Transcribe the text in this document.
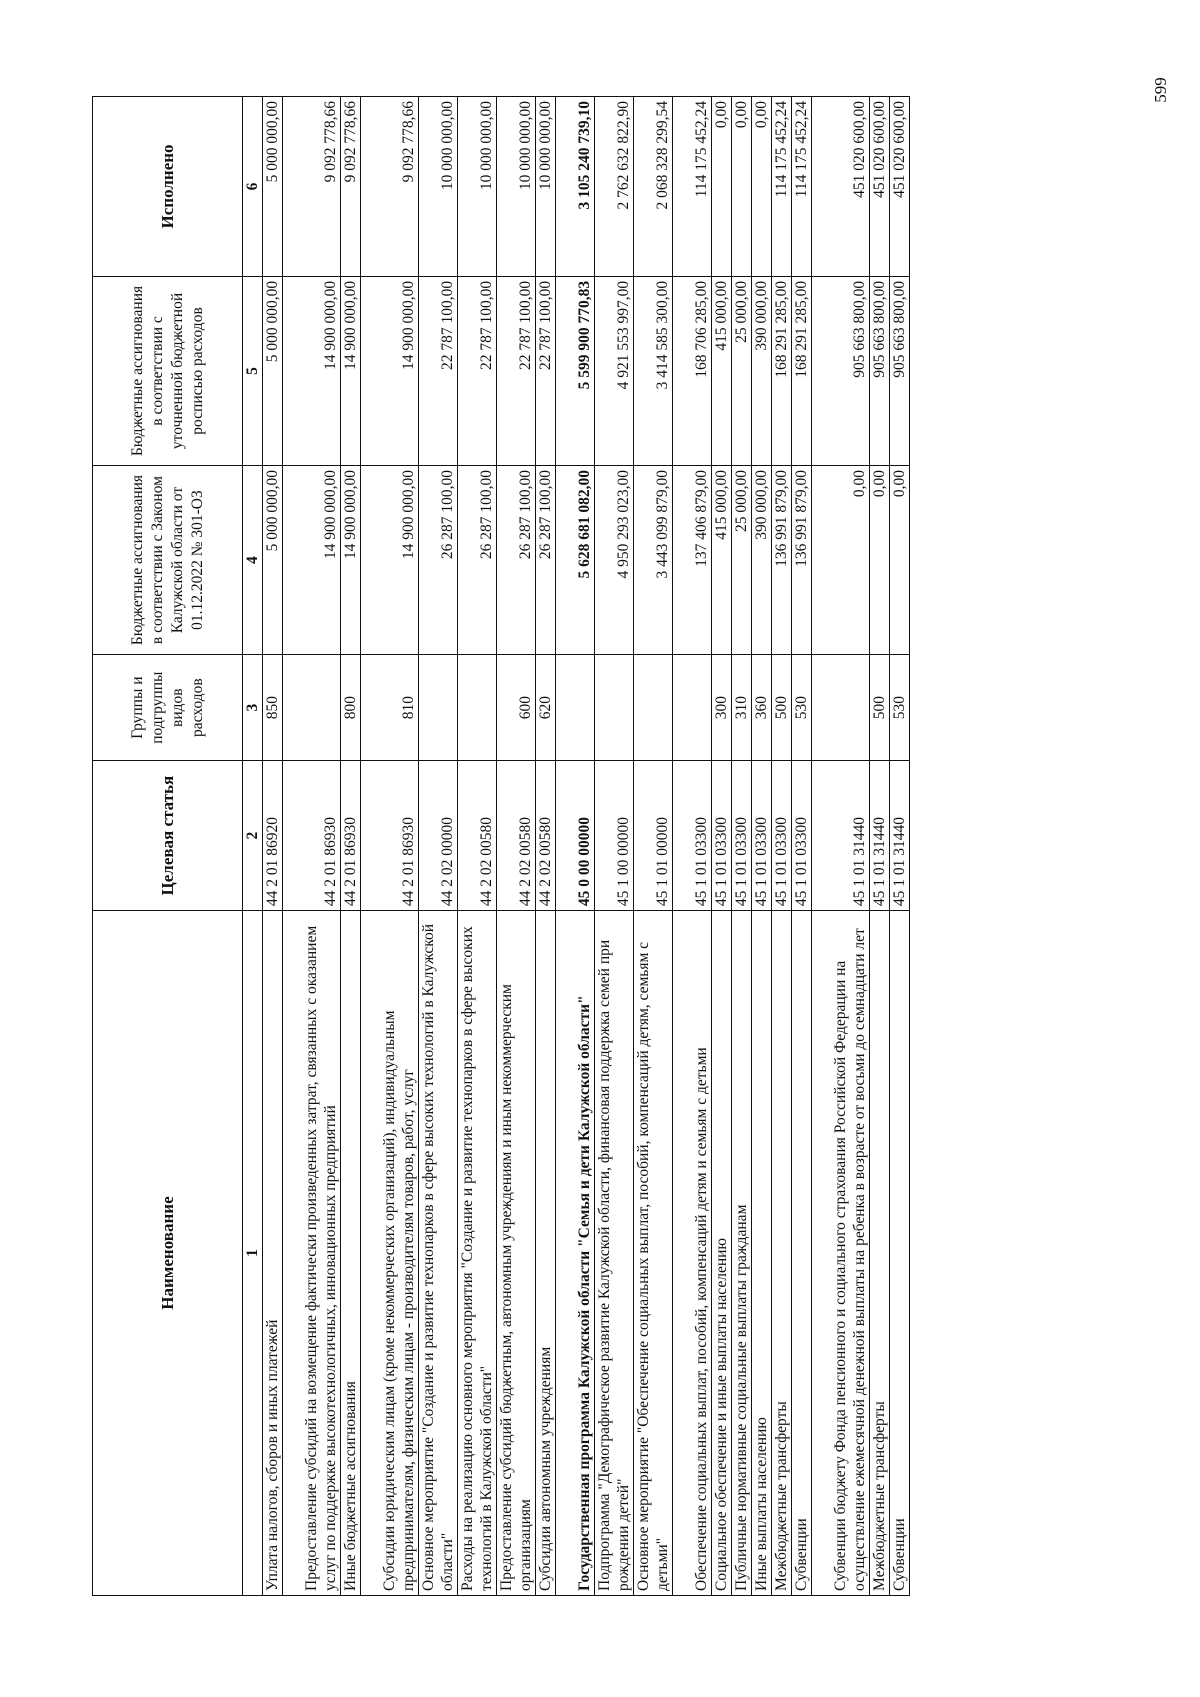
599
Наименование	Целевая статья	Группы и подгруппы видов расходов	Бюджетные ассигнования в соответствии с Законом Калужской области от 01.12.2022 № 301-ОЗ	Бюджетные ассигнования в соответствии с уточненной бюджетной росписью расходов	Исполнено
1	2	3	4	5	6
Уплата налогов, сборов и иных платежей	44 2 01 86920	850	5 000 000,00	5 000 000,00	5 000 000,00
Предоставление субсидий на возмещение фактически произведенных затрат, связанных с оказанием услуг по поддержке высокотехнологичных, инновационных предприятий	44 2 01 86930		14 900 000,00	14 900 000,00	9 092 778,66
Иные бюджетные ассигнования	44 2 01 86930	800	14 900 000,00	14 900 000,00	9 092 778,66
Субсидии юридическим лицам (кроме некоммерческих организаций), индивидуальным предпринимателям, физическим лицам - производителям товаров, работ, услуг	44 2 01 86930	810	14 900 000,00	14 900 000,00	9 092 778,66
Основное мероприятие "Создание и развитие технопарков в сфере высоких технологий в Калужской области"	44 2 02 00000		26 287 100,00	22 787 100,00	10 000 000,00
Расходы на реализацию основного мероприятия "Создание и развитие технопарков в сфере высоких технологий в Калужской области"	44 2 02 00580		26 287 100,00	22 787 100,00	10 000 000,00
Предоставление субсидий бюджетным, автономным учреждениям и иным некоммерческим организациям	44 2 02 00580	600	26 287 100,00	22 787 100,00	10 000 000,00
Субсидии автономным учреждениям	44 2 02 00580	620	26 287 100,00	22 787 100,00	10 000 000,00
Государственная программа Калужской области "Семья и дети Калужской области"	45 0 00 00000		5 628 681 082,00	5 599 900 770,83	3 105 240 739,10
Подпрограмма "Демографическое развитие Калужской области, финансовая поддержка семей при рождении детей"	45 1 00 00000		4 950 293 023,00	4 921 553 997,00	2 762 632 822,90
Основное мероприятие "Обеспечение социальных выплат, пособий, компенсаций детям, семьям с детьми"	45 1 01 00000		3 443 099 879,00	3 414 585 300,00	2 068 328 299,54
Обеспечение социальных выплат, пособий, компенсаций детям и семьям с детьми	45 1 01 03300		137 406 879,00	168 706 285,00	114 175 452,24
Социальное обеспечение и иные выплаты населению	45 1 01 03300	300	415 000,00	415 000,00	0,00
Публичные нормативные социальные выплаты гражданам	45 1 01 03300	310	25 000,00	25 000,00	0,00
Иные выплаты населению	45 1 01 03300	360	390 000,00	390 000,00	0,00
Межбюджетные трансферты	45 1 01 03300	500	136 991 879,00	168 291 285,00	114 175 452,24
Субвенции	45 1 01 03300	530	136 991 879,00	168 291 285,00	114 175 452,24
Субвенции бюджету Фонда пенсионного и социального страхования Российской Федерации на осуществление ежемесячной денежной выплаты на ребенка в возрасте от восьми до семнадцати лет	45 1 01 31440		0,00	905 663 800,00	451 020 600,00
Межбюджетные трансферты	45 1 01 31440	500	0,00	905 663 800,00	451 020 600,00
Субвенции	45 1 01 31440	530	0,00	905 663 800,00	451 020 600,00
